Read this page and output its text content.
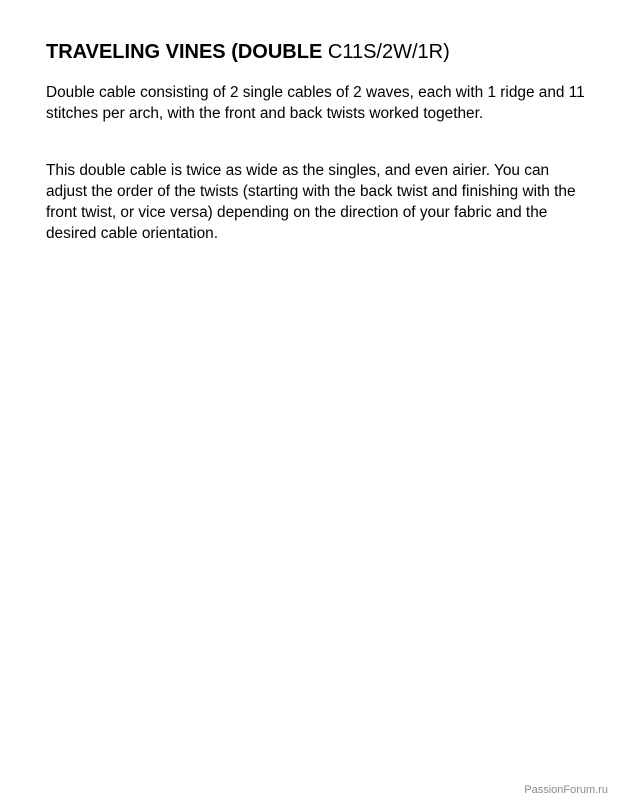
TRAVELING VINES (DOUBLE C11S/2W/1R)

Double cable consisting of 2 single cables of 2 waves, each with 1 ridge and 11 stitches per arch, with the front and back twists worked together.

This double cable is twice as wide as the singles, and even airier. You can adjust the order of the twists (starting with the back twist and finishing with the front twist, or vice versa) depending on the direction of your fabric and the desired cable orientation.

PassionForum.ru
